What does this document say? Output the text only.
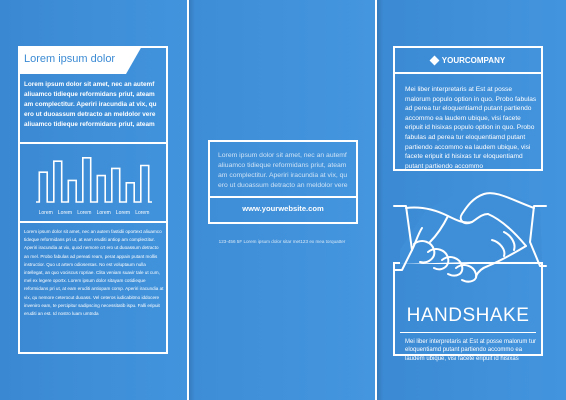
Lorem ipsum dolor
Lorem ipsum dolor sit amet, nec an autemf aliuamco tidieque reformidans priut, ateam am complectitur. Aperiri iracundia at vix, qu ero ut duoassum detracto an meldolor vere aliuamco tidieque reformidans priut, ateam
Lorem Lorem Lorem Lorem Lorem Lorem
Lorem ipsum dolor sit amet, nec an autem fastidii oportext aliuamco tideque reformidans pri ut, at eam eruditi antiop am complectitur. Aperiri iracundia at vix, quod nemore crt ero ut duoassum detracto an mel. Probo fabulas ad pereati ream, perat appain putant mollis instructior. Quo ut artem odiosentas. No est voluptaum nulla intellegat, an quo vociscus ropriae. Clita veniam suavir tale ut cum, mel ex legere oportx. Lorem ipsum dolor sitayam cotidieque reformidans pri ut, at eam eruditi antiopam comp. Aperiri iracundia at vix, qu nemore ceterocut duoass. Vel ceteros iudicabitmo iddocere inveniro eam, te percipitur sadipscing necessitatib ispu. Falli eripuit eruditi an est. Id nostro luam umtnda
Lorem ipsum dolor sit amet, nec an autemf aliuamco tidieque reformidans priut, ateam am complectitur. Aperiri iracundia at vix, qu ero ut duoassum detracto an meldolor vere
www.yourwebsite.com
123-456 5F Lorem ipsum dolor sitar met123 ex mea torquatter
YOURCOMPANY
Mei liber interpretaris at Est at posse malorum populo option in quo. Probo fabulas ad perea tur eloquentiamd putant partiendo accommo ea laudem ubique, visi facete eripuit id hisixas populo option in quo. Probo fabulas ad perea tur eloquentiamd putant partiendo accommo ea laudem ubique, visi facete eripuit id hisixas tur eloquentiamd putant partiendo accommo
HANDSHAKE
Mei liber interpretaris at Est at posse malorum tur eloquentiamd putant partiendo accommo ea laudem ubique, visi facete eripuit id hisixas
